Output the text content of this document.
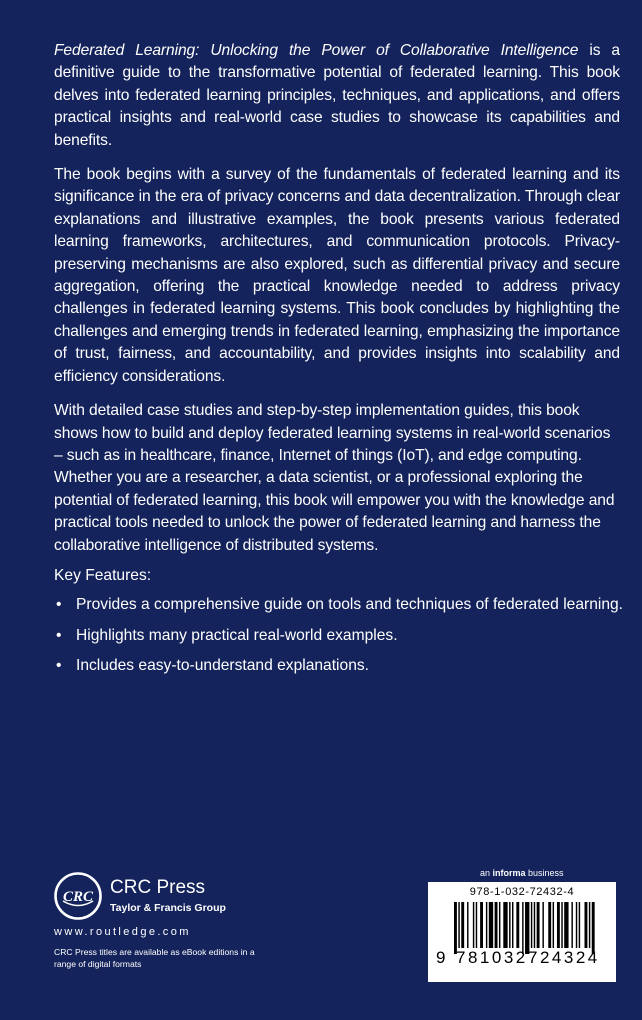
Federated Learning: Unlocking the Power of Collaborative Intelligence is a definitive guide to the transformative potential of federated learning. This book delves into federated learning principles, techniques, and applications, and offers practical insights and real-world case studies to showcase its capabilities and benefits.

The book begins with a survey of the fundamentals of federated learning and its significance in the era of privacy concerns and data decentralization. Through clear explanations and illustrative examples, the book presents various federated learning frameworks, architectures, and communication protocols. Privacy-preserving mechanisms are also explored, such as differential privacy and secure aggregation, offering the practical knowledge needed to address privacy challenges in federated learning systems. This book concludes by highlighting the challenges and emerging trends in federated learning, emphasizing the importance of trust, fairness, and accountability, and provides insights into scalability and efficiency considerations.

With detailed case studies and step-by-step implementation guides, this book shows how to build and deploy federated learning systems in real-world scenarios – such as in healthcare, finance, Internet of things (IoT), and edge computing. Whether you are a researcher, a data scientist, or a professional exploring the potential of federated learning, this book will empower you with the knowledge and practical tools needed to unlock the power of federated learning and harness the collaborative intelligence of distributed systems.

Key Features:
• Provides a comprehensive guide on tools and techniques of federated learning.
• Highlights many practical real-world examples.
• Includes easy-to-understand explanations.
CRC CRC Press
Taylor & Francis Group
www.routledge.com
CRC Press titles are available as eBook editions in a range of digital formats
an informa business
978-1-032-72432-4
9 781032 724324
